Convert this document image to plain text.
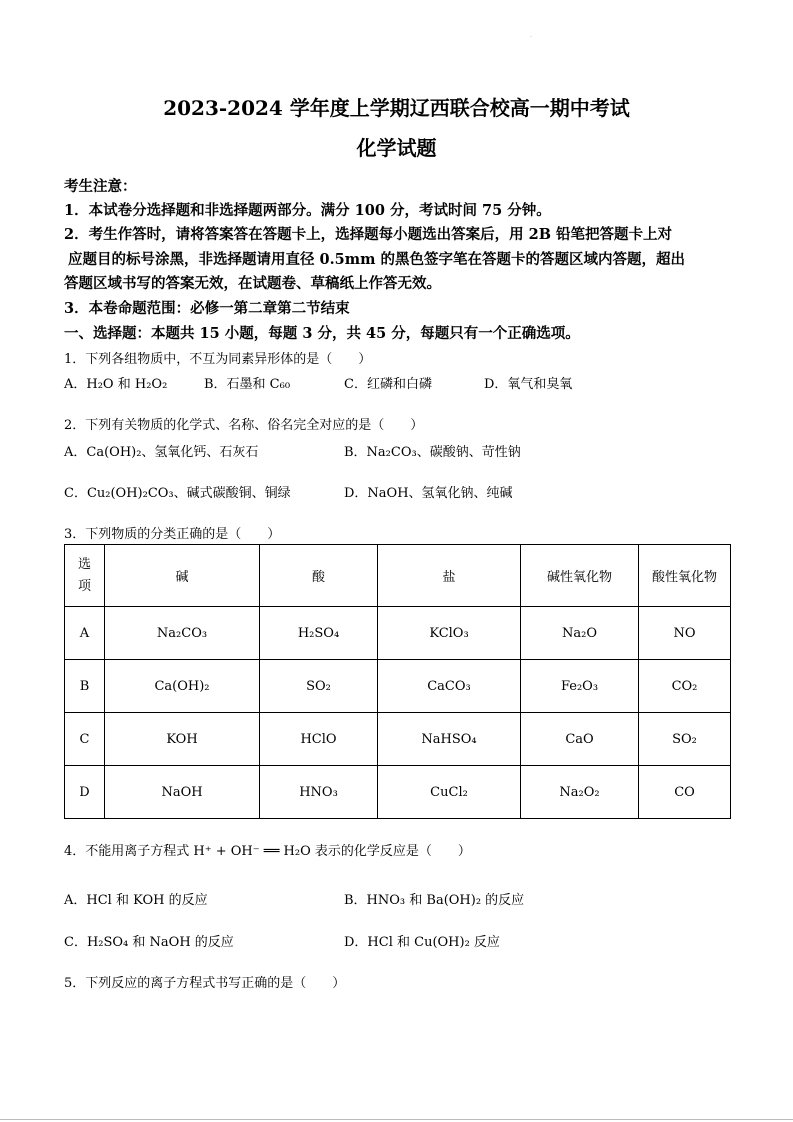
·
2023-2024 学年度上学期辽西联合校高一期中考试
化学试题
考生注意：
1．本试卷分选择题和非选择题两部分。满分 100 分，考试时间 75 分钟。
2．考生作答时，请将答案答在答题卡上，选择题每小题选出答案后，用 2B 铅笔把答题卡上对
应题目的标号涂黑，非选择题请用直径 0.5mm 的黑色签字笔在答题卡的答题区域内答题，超出
答题区域书写的答案无效，在试题卷、草稿纸上作答无效。
3．本卷命题范围：必修一第二章第二节结束
一、选择题：本题共 15 小题，每题 3 分，共 45 分，每题只有一个正确选项。
1．下列各组物质中，不互为同素异形体的是（　　）
A．H₂O 和 H₂O₂	B．石墨和 C₆₀	C．红磷和白磷	D．氧气和臭氧
2．下列有关物质的化学式、名称、俗名完全对应的是（　　）
A．Ca(OH)₂、氢氧化钙、石灰石	B．Na₂CO₃、碳酸钠、苛性钠
C．Cu₂(OH)₂CO₃、碱式碳酸铜、铜绿	D．NaOH、氢氧化钠、纯碱
3．下列物质的分类正确的是（　　）
选
项	碱	酸	盐	碱性氧化物	酸性氧化物
A	Na₂CO₃	H₂SO₄	KClO₃	Na₂O	NO
B	Ca(OH)₂	SO₂	CaCO₃	Fe₂O₃	CO₂
C	KOH	HClO	NaHSO₄	CaO	SO₂
D	NaOH	HNO₃	CuCl₂	Na₂O₂	CO
4．不能用离子方程式 H⁺ + OH⁻ ══ H₂O 表示的化学反应是（　　）
A．HCl 和 KOH 的反应	B．HNO₃ 和 Ba(OH)₂ 的反应
C．H₂SO₄ 和 NaOH 的反应	D．HCl 和 Cu(OH)₂ 反应
5．下列反应的离子方程式书写正确的是（　　）
